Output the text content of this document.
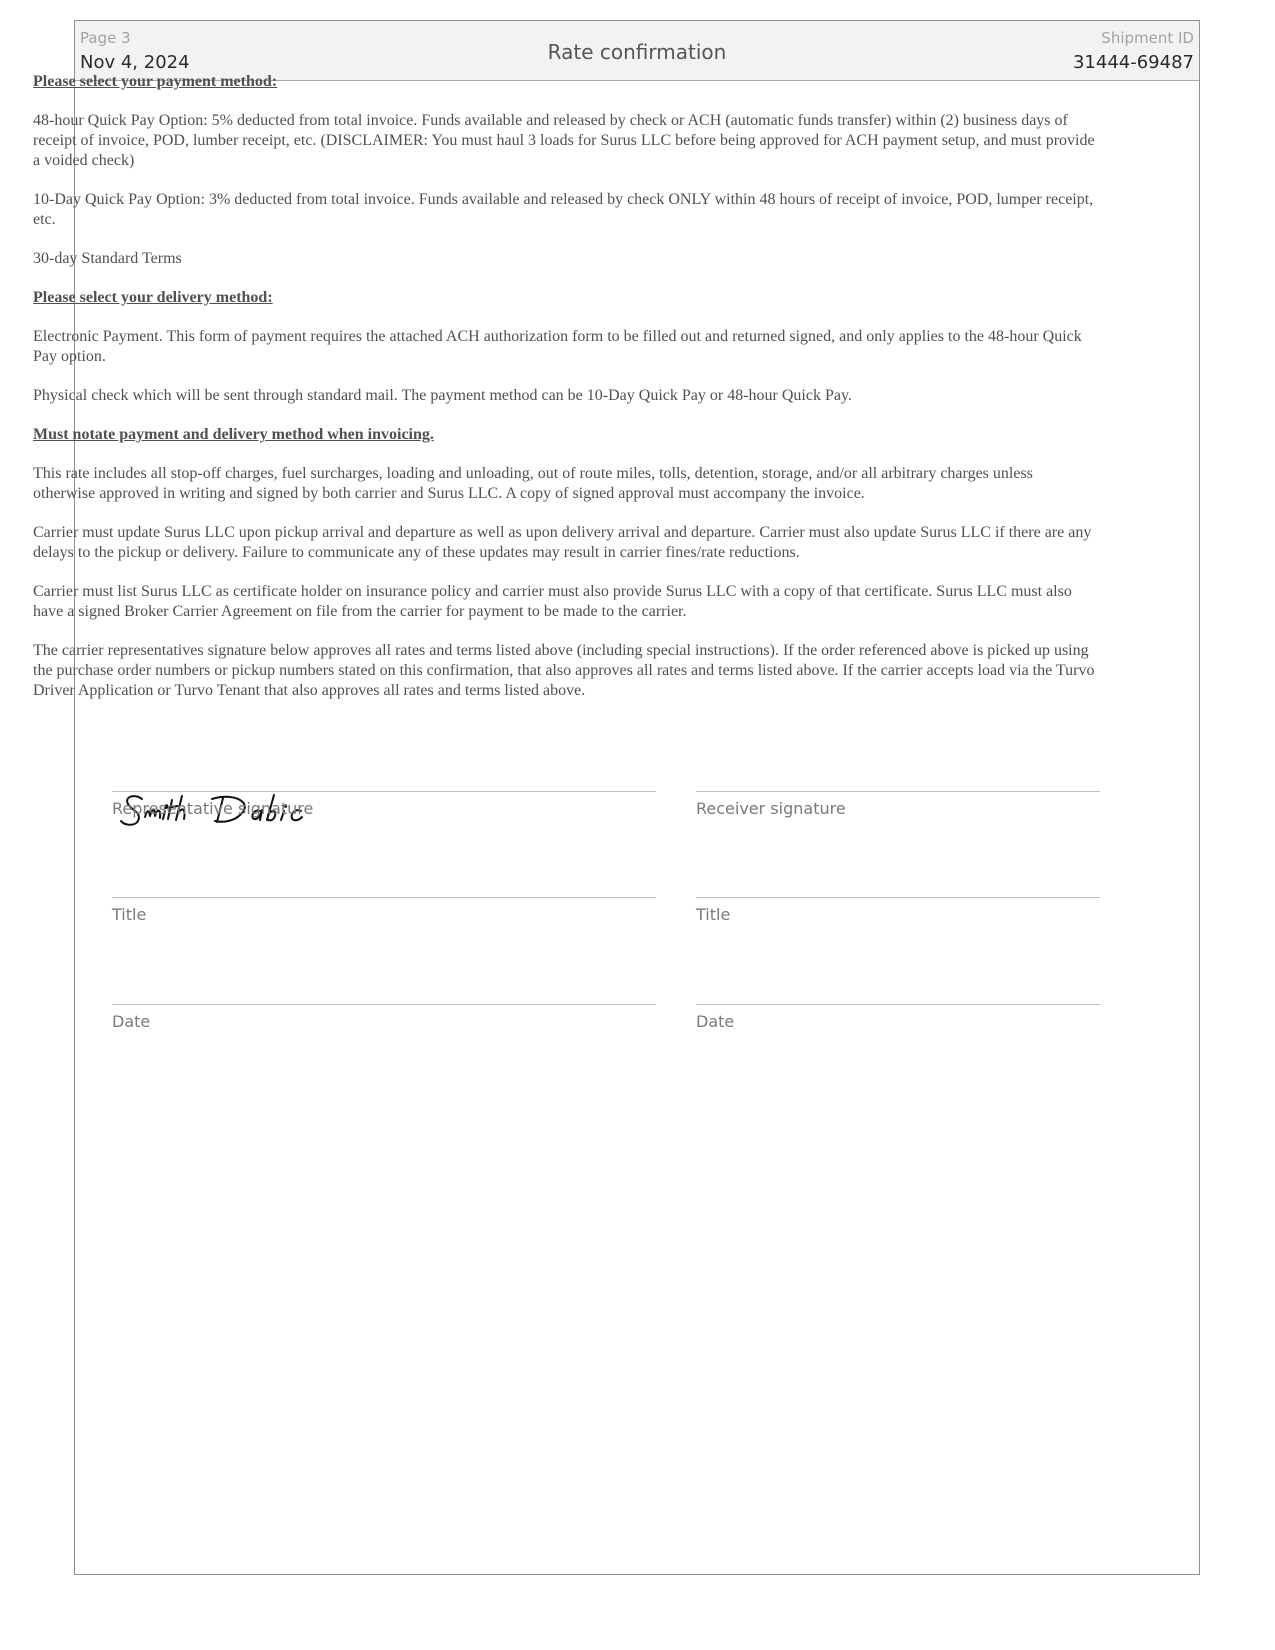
Page 3
Nov 4, 2024	Rate confirmation
Shipment ID
31444-69487

Please select your payment method:

48-hour Quick Pay Option: 5% deducted from total invoice. Funds available and released by check or ACH (automatic funds transfer) within (2) business days of receipt of invoice, POD, lumber receipt, etc. (DISCLAIMER: You must haul 3 loads for Surus LLC before being approved for ACH payment setup, and must provide a voided check)

10-Day Quick Pay Option: 3% deducted from total invoice. Funds available and released by check ONLY within 48 hours of receipt of invoice, POD, lumper receipt, etc.

30-day Standard Terms

Please select your delivery method:

Electronic Payment. This form of payment requires the attached ACH authorization form to be filled out and returned signed, and only applies to the 48-hour Quick Pay option.

Physical check which will be sent through standard mail. The payment method can be 10-Day Quick Pay or 48-hour Quick Pay.

Must notate payment and delivery method when invoicing.

This rate includes all stop-off charges, fuel surcharges, loading and unloading, out of route miles, tolls, detention, storage, and/or all arbitrary charges unless otherwise approved in writing and signed by both carrier and Surus LLC. A copy of signed approval must accompany the invoice.

Carrier must update Surus LLC upon pickup arrival and departure as well as upon delivery arrival and departure. Carrier must also update Surus LLC if there are any delays to the pickup or delivery. Failure to communicate any of these updates may result in carrier fines/rate reductions.

Carrier must list Surus LLC as certificate holder on insurance policy and carrier must also provide Surus LLC with a copy of that certificate. Surus LLC must also have a signed Broker Carrier Agreement on file from the carrier for payment to be made to the carrier.

The carrier representatives signature below approves all rates and terms listed above (including special instructions). If the order referenced above is picked up using the purchase order numbers or pickup numbers stated on this confirmation, that also approves all rates and terms listed above. If the carrier accepts load via the Turvo Driver Application or Turvo Tenant that also approves all rates and terms listed above.

Representative signature	Receiver signature
Title	Title
Date	Date
